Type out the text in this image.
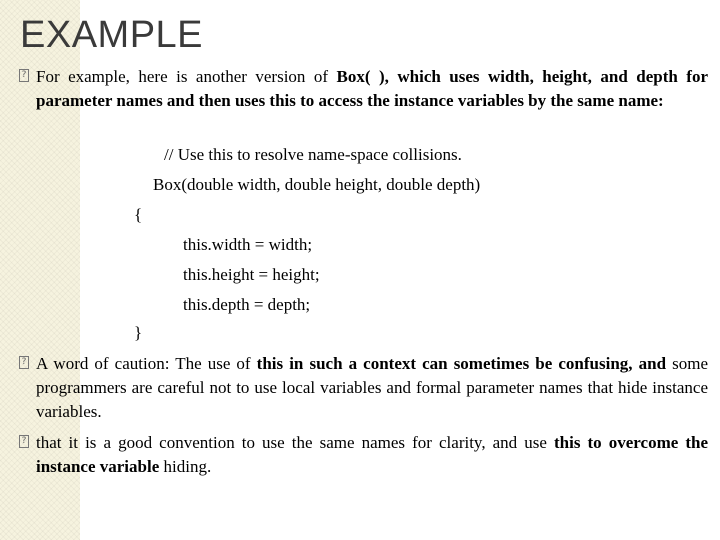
EXAMPLE
? For example, here is another version of Box( ), which uses width, height, and depth for parameter names and then uses this to access the instance variables by the same name:
// Use this to resolve name-space collisions.
Box(double width, double height, double depth)
{
this.width = width;
this.height = height;
this.depth = depth;
}
? A word of caution: The use of this in such a context can sometimes be confusing, and some programmers are careful not to use local variables and formal parameter names that hide instance variables.
? that it is a good convention to use the same names for clarity, and use this to overcome the instance variable hiding.
